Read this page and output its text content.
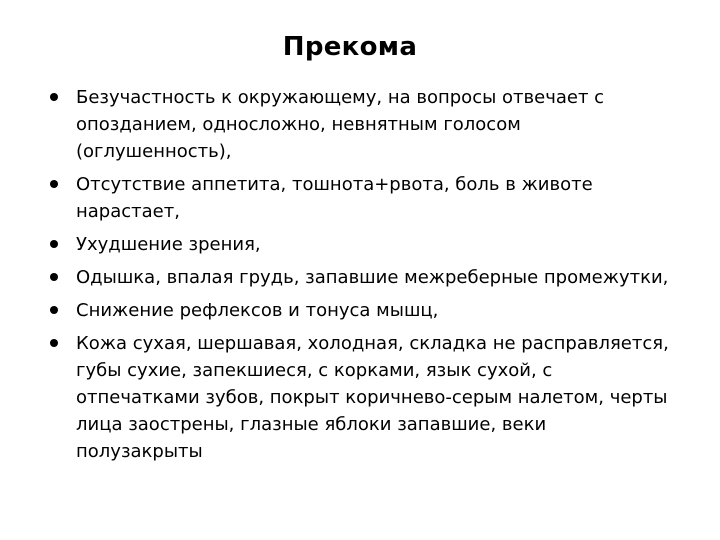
Прекома
Безучастность к окружающему, на вопросы отвечает с опозданием, односложно, невнятным голосом (оглушенность),
Отсутствие аппетита, тошнота+рвота, боль в животе нарастает,
Ухудшение зрения,
Одышка, впалая грудь, запавшие межреберные промежутки,
Снижение рефлексов и тонуса мышц,
Кожа сухая, шершавая, холодная, складка не расправляется, губы сухие, запекшиеся, с корками, язык сухой, с отпечатками зубов, покрыт коричнево-серым налетом, черты лица заострены, глазные яблоки запавшие, веки полузакрыты
